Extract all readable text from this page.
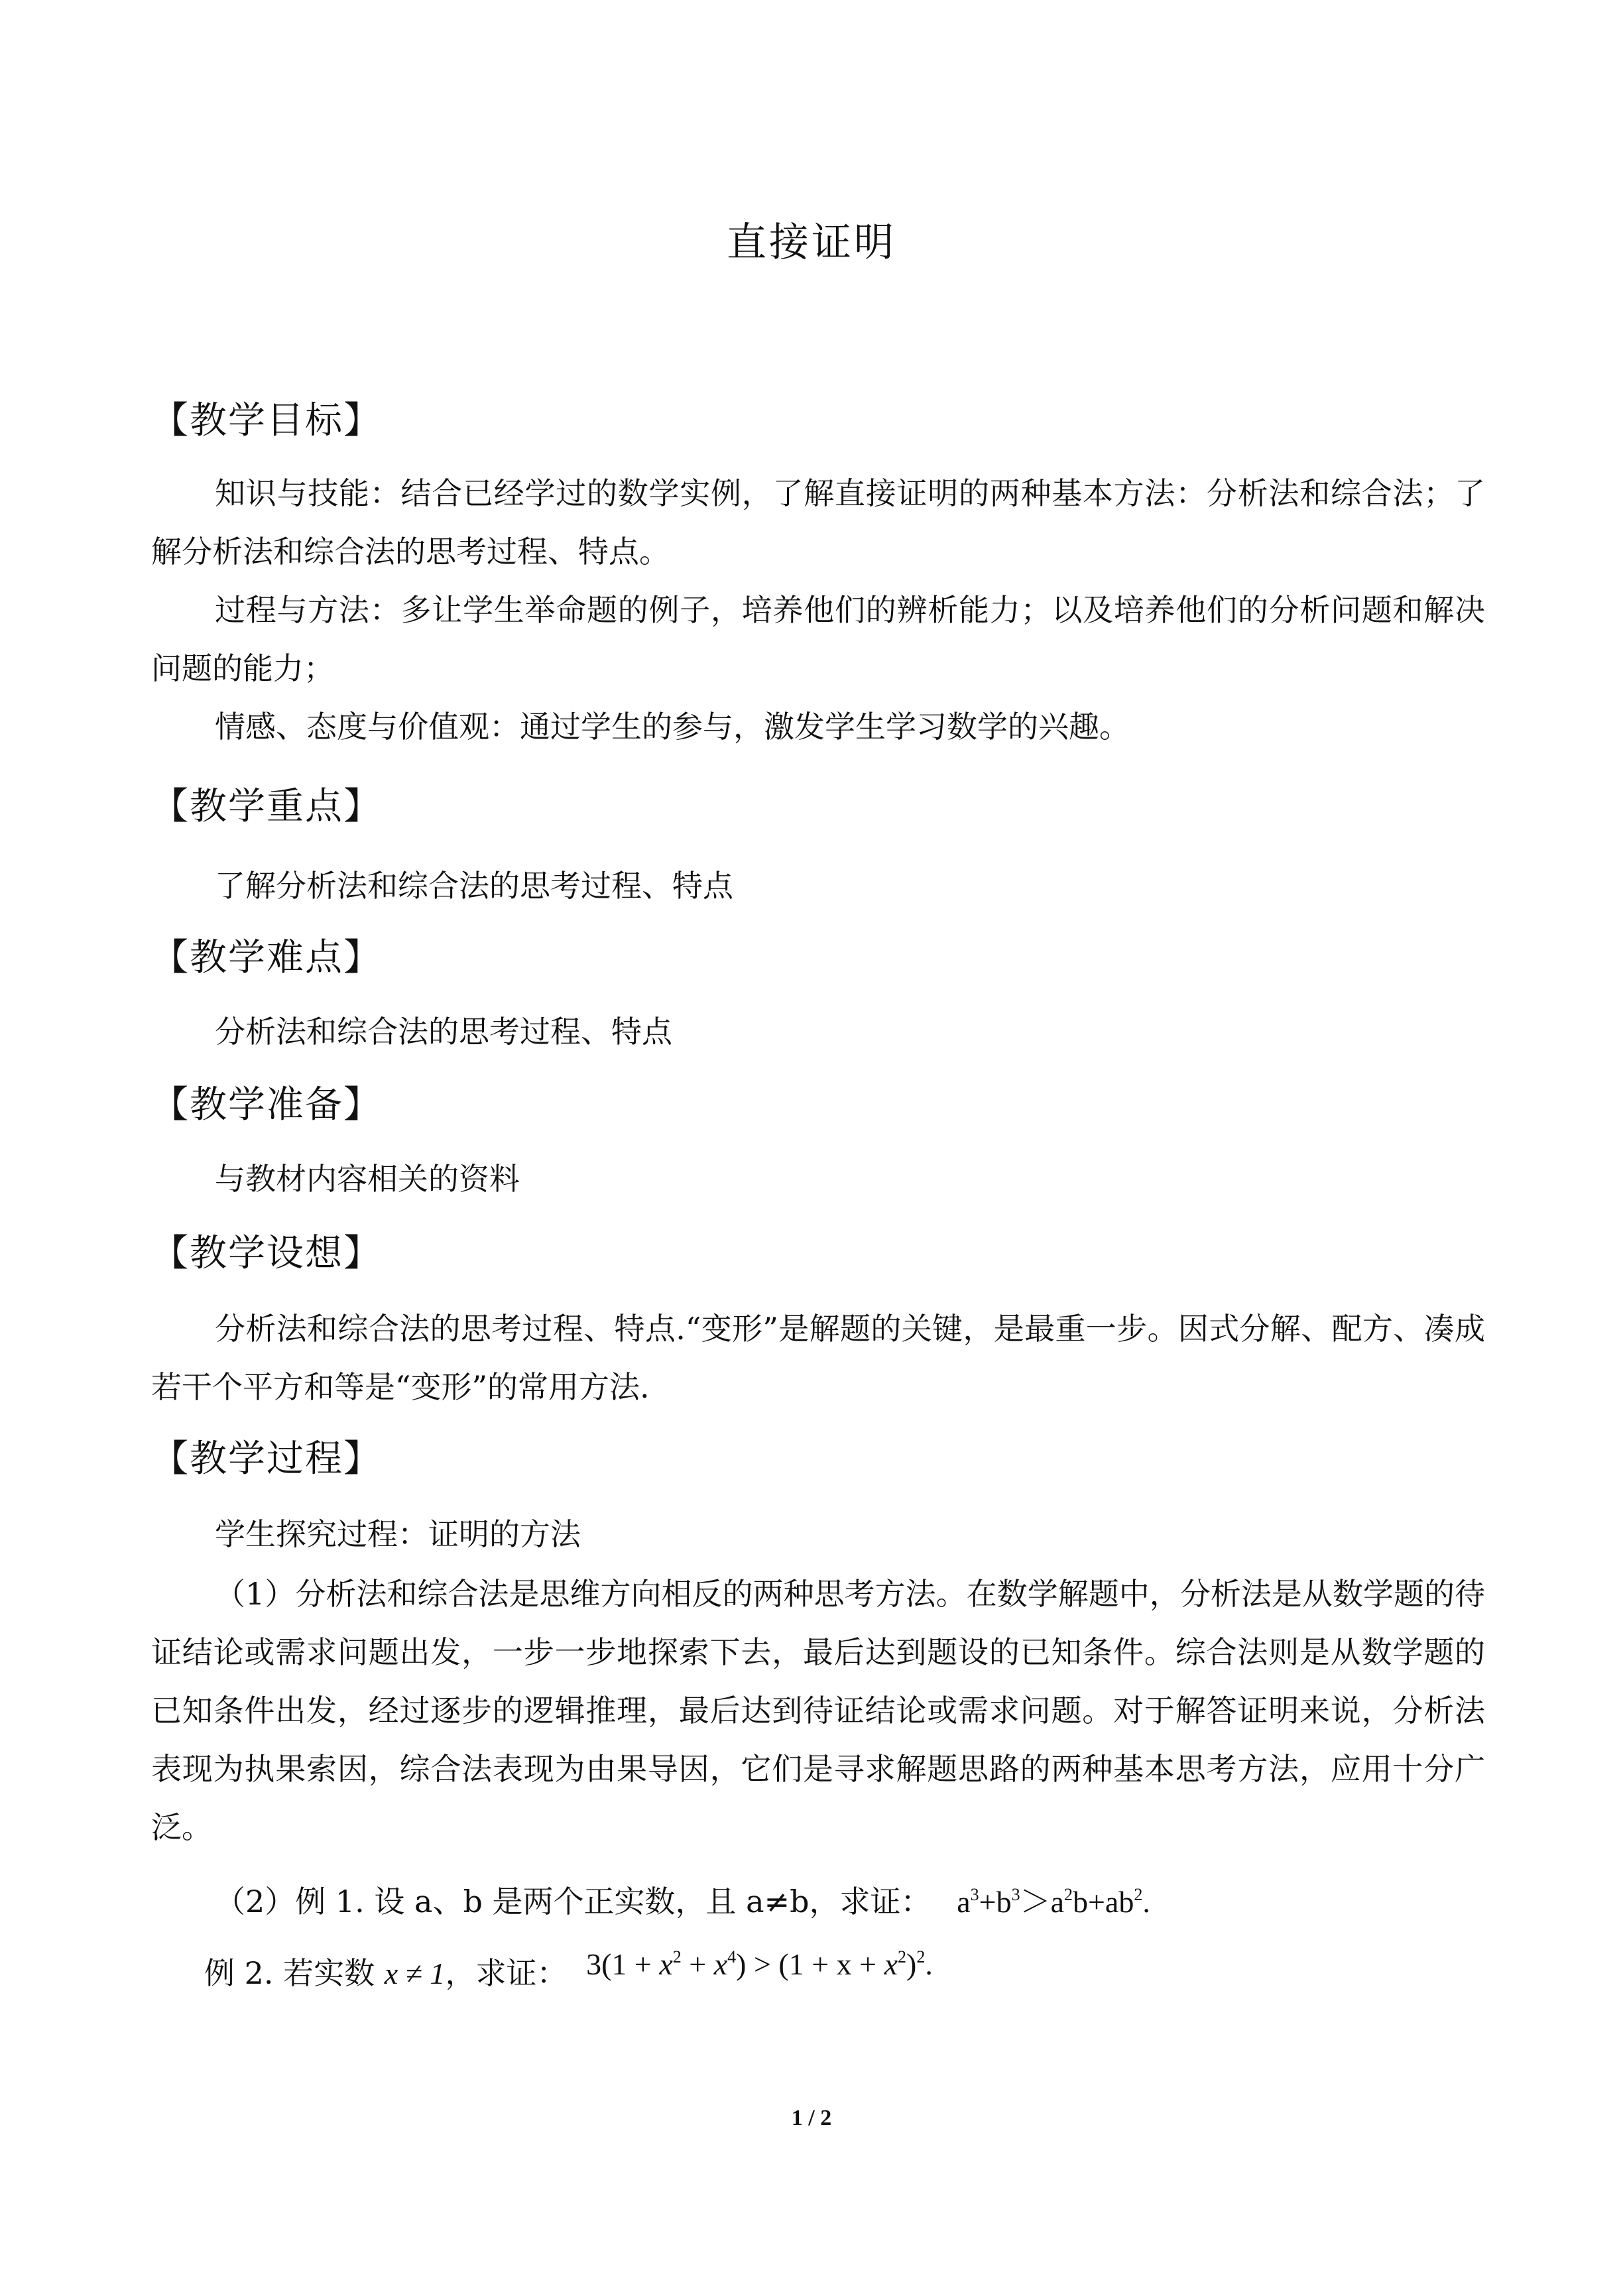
直接证明
【教学目标】
知识与技能：结合已经学过的数学实例，了解直接证明的两种基本方法：分析法和综合法；了解分析法和综合法的思考过程、特点。
过程与方法：多让学生举命题的例子，培养他们的辨析能力；以及培养他们的分析问题和解决问题的能力；
情感、态度与价值观：通过学生的参与，激发学生学习数学的兴趣。
【教学重点】
了解分析法和综合法的思考过程、特点
【教学难点】
分析法和综合法的思考过程、特点
【教学准备】
与教材内容相关的资料
【教学设想】
分析法和综合法的思考过程、特点.“变形”是解题的关键，是最重一步。因式分解、配方、凑成若干个平方和等是“变形”的常用方法.
【教学过程】
学生探究过程：证明的方法
（1）分析法和综合法是思维方向相反的两种思考方法。在数学解题中，分析法是从数学题的待证结论或需求问题出发，一步一步地探索下去，最后达到题设的已知条件。综合法则是从数学题的已知条件出发，经过逐步的逻辑推理，最后达到待证结论或需求问题。对于解答证明来说，分析法表现为执果索因，综合法表现为由果导因，它们是寻求解题思路的两种基本思考方法，应用十分广泛。
（2）例 1. 设 a、b 是两个正实数，且 a≠b，求证： $a^3+b^3>a^2b+ab^2$.
例 2. 若实数 x ≠ 1，求证： $3(1 + x^2 + x^4) > (1 + x + x^2)^2$.
1 / 2
